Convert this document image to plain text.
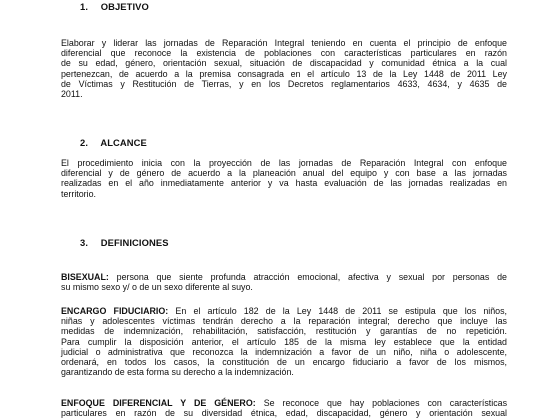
1. OBJETIVO
Elaborar y liderar las jornadas de Reparación Integral teniendo en cuenta el principio de enfoque
diferencial que reconoce la existencia de poblaciones con características particulares en razón
de su edad, género, orientación sexual, situación de discapacidad y comunidad étnica a la cual
pertenezcan, de acuerdo a la premisa consagrada en el artículo 13 de la Ley 1448 de 2011 Ley
de Víctimas y Restitución de Tierras, y en los Decretos reglamentarios 4633, 4634, y 4635 de
2011.
2. ALCANCE
El procedimiento inicia con la proyección de las jornadas de Reparación Integral con enfoque
diferencial y de género de acuerdo a la planeación anual del equipo y con base a las jornadas
realizadas en el año inmediatamente anterior y va hasta evaluación de las jornadas realizadas en
territorio.
3. DEFINICIONES
BISEXUAL: persona que siente profunda atracción emocional, afectiva y sexual por personas de
su mismo sexo y/ o de un sexo diferente al suyo.
ENCARGO FIDUCIARIO: En el artículo 182 de la Ley 1448 de 2011 se estipula que los niños,
niñas y adolescentes víctimas tendrán derecho a la reparación integral; derecho que incluye las
medidas de indemnización, rehabilitación, satisfacción, restitución y garantías de no repetición.
Para cumplir la disposición anterior, el artículo 185 de la misma ley establece que la entidad
judicial o administrativa que reconozca la indemnización a favor de un niño, niña o adolescente,
ordenará, en todos los casos, la constitución de un encargo fiduciario a favor de los mismos,
garantizando de esta forma su derecho a la indemnización.
ENFOQUE DIFERENCIAL Y DE GÉNERO: Se reconoce que hay poblaciones con características
particulares en razón de su diversidad étnica, edad, discapacidad, género y orientación sexual
